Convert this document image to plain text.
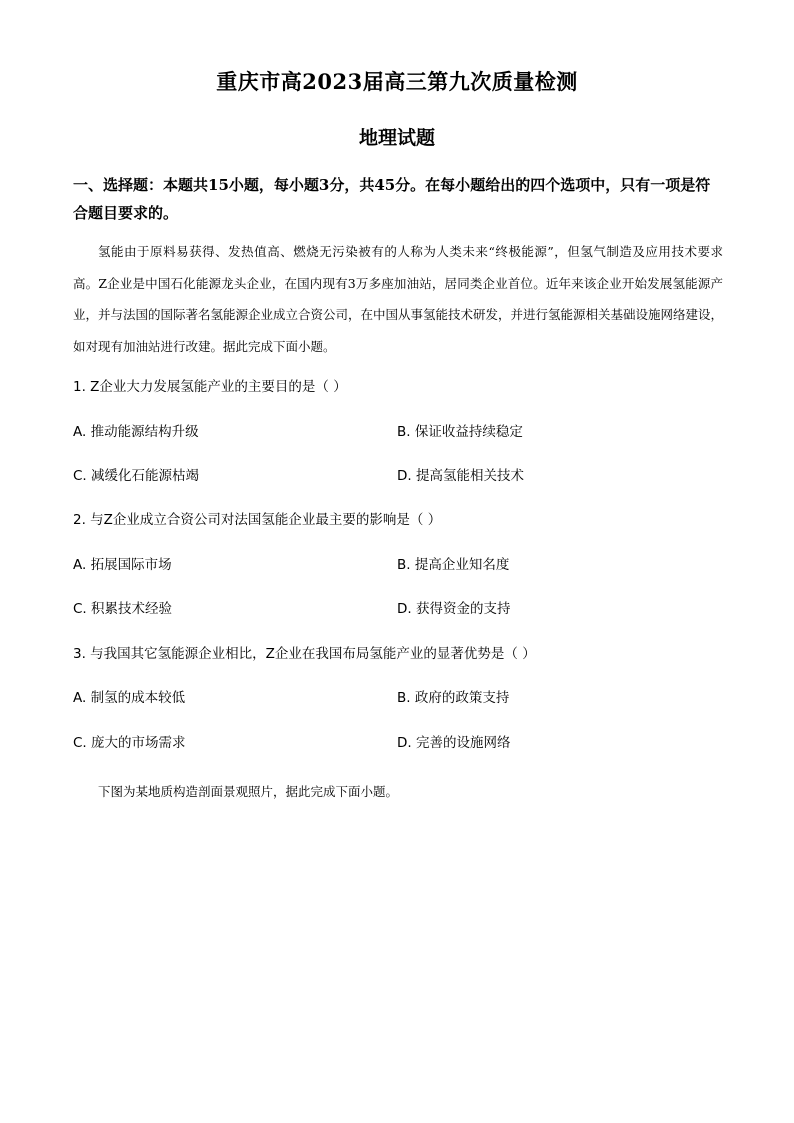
重庆市高2023届高三第九次质量检测
地理试题
一、选择题：本题共15小题，每小题3分，共45分。在每小题给出的四个选项中，只有一项是符合题目要求的。
氢能由于原料易获得、发热值高、燃烧无污染被有的人称为人类未来“终极能源”，但氢气制造及应用技术要求高。Z企业是中国石化能源龙头企业，在国内现有3万多座加油站，居同类企业首位。近年来该企业开始发展氢能源产业，并与法国的国际著名氢能源企业成立合资公司，在中国从事氢能技术研发，并进行氢能源相关基础设施网络建设，如对现有加油站进行改建。据此完成下面小题。
1. Z企业大力发展氢能产业的主要目的是（ ）
A. 推动能源结构升级	B. 保证收益持续稳定
C. 减缓化石能源枯竭	D. 提高氢能相关技术
2. 与Z企业成立合资公司对法国氢能企业最主要的影响是（ ）
A. 拓展国际市场	B. 提高企业知名度
C. 积累技术经验	D. 获得资金的支持
3. 与我国其它氢能源企业相比，Z企业在我国布局氢能产业的显著优势是（ ）
A. 制氢的成本较低	B. 政府的政策支持
C. 庞大的市场需求	D. 完善的设施网络
下图为某地质构造剖面景观照片，据此完成下面小题。
